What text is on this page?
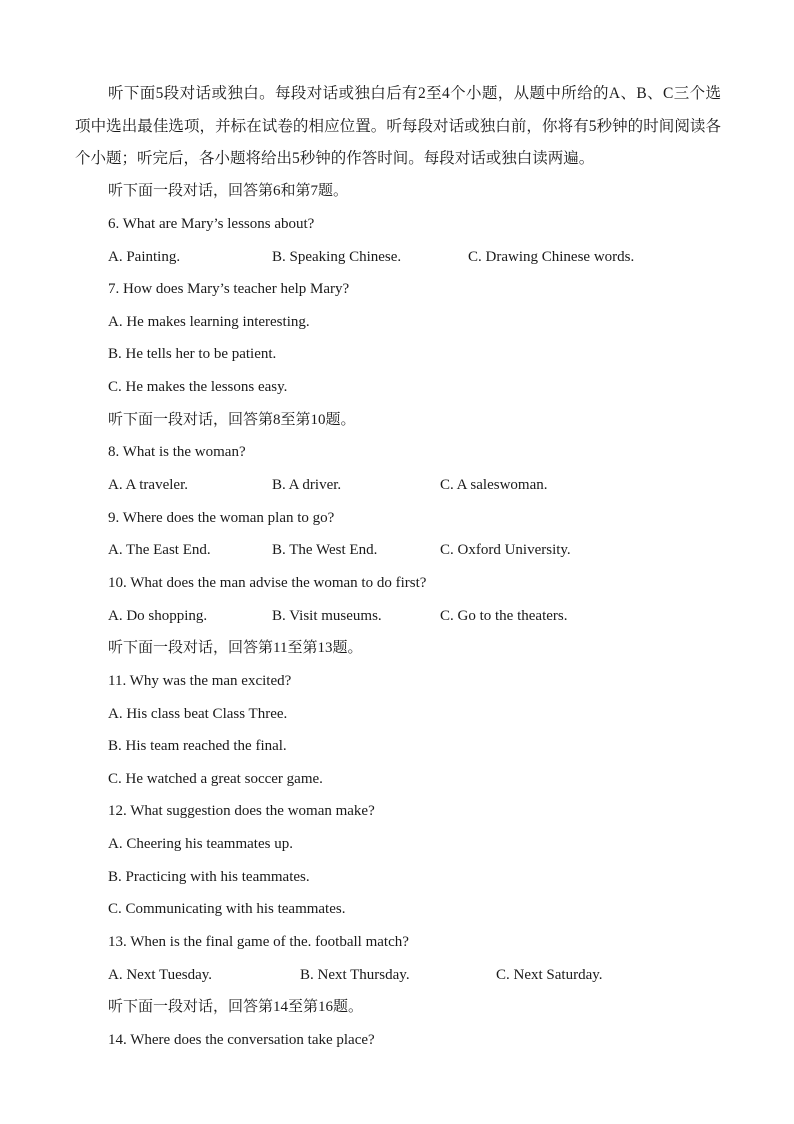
听下面5段对话或独白。每段对话或独白后有2至4个小题，从题中所给的A、B、C三个选项中选出最佳选项，并标在试卷的相应位置。听每段对话或独白前，你将有5秒钟的时间阅读各个小题；听完后，各小题将给出5秒钟的作答时间。每段对话或独白读两遍。
听下面一段对话，回答第6和第7题。
6. What are Mary’s lessons about?
A. Painting.	B. Speaking Chinese.	C. Drawing Chinese words.
7. How does Mary’s teacher help Mary?
A. He makes learning interesting.
B. He tells her to be patient.
C. He makes the lessons easy.
听下面一段对话，回答第8至第10题。
8. What is the woman?
A. A traveler.	B. A driver.	C. A saleswoman.
9. Where does the woman plan to go?
A. The East End.	B. The West End.	C. Oxford University.
10. What does the man advise the woman to do first?
A. Do shopping.	B. Visit museums.	C. Go to the theaters.
听下面一段对话，回答第11至第13题。
11. Why was the man excited?
A. His class beat Class Three.
B. His team reached the final.
C. He watched a great soccer game.
12. What suggestion does the woman make?
A. Cheering his teammates up.
B. Practicing with his teammates.
C. Communicating with his teammates.
13. When is the final game of the. football match?
A. Next Tuesday.	B. Next Thursday.	C. Next Saturday.
听下面一段对话，回答第14至第16题。
14. Where does the conversation take place?
